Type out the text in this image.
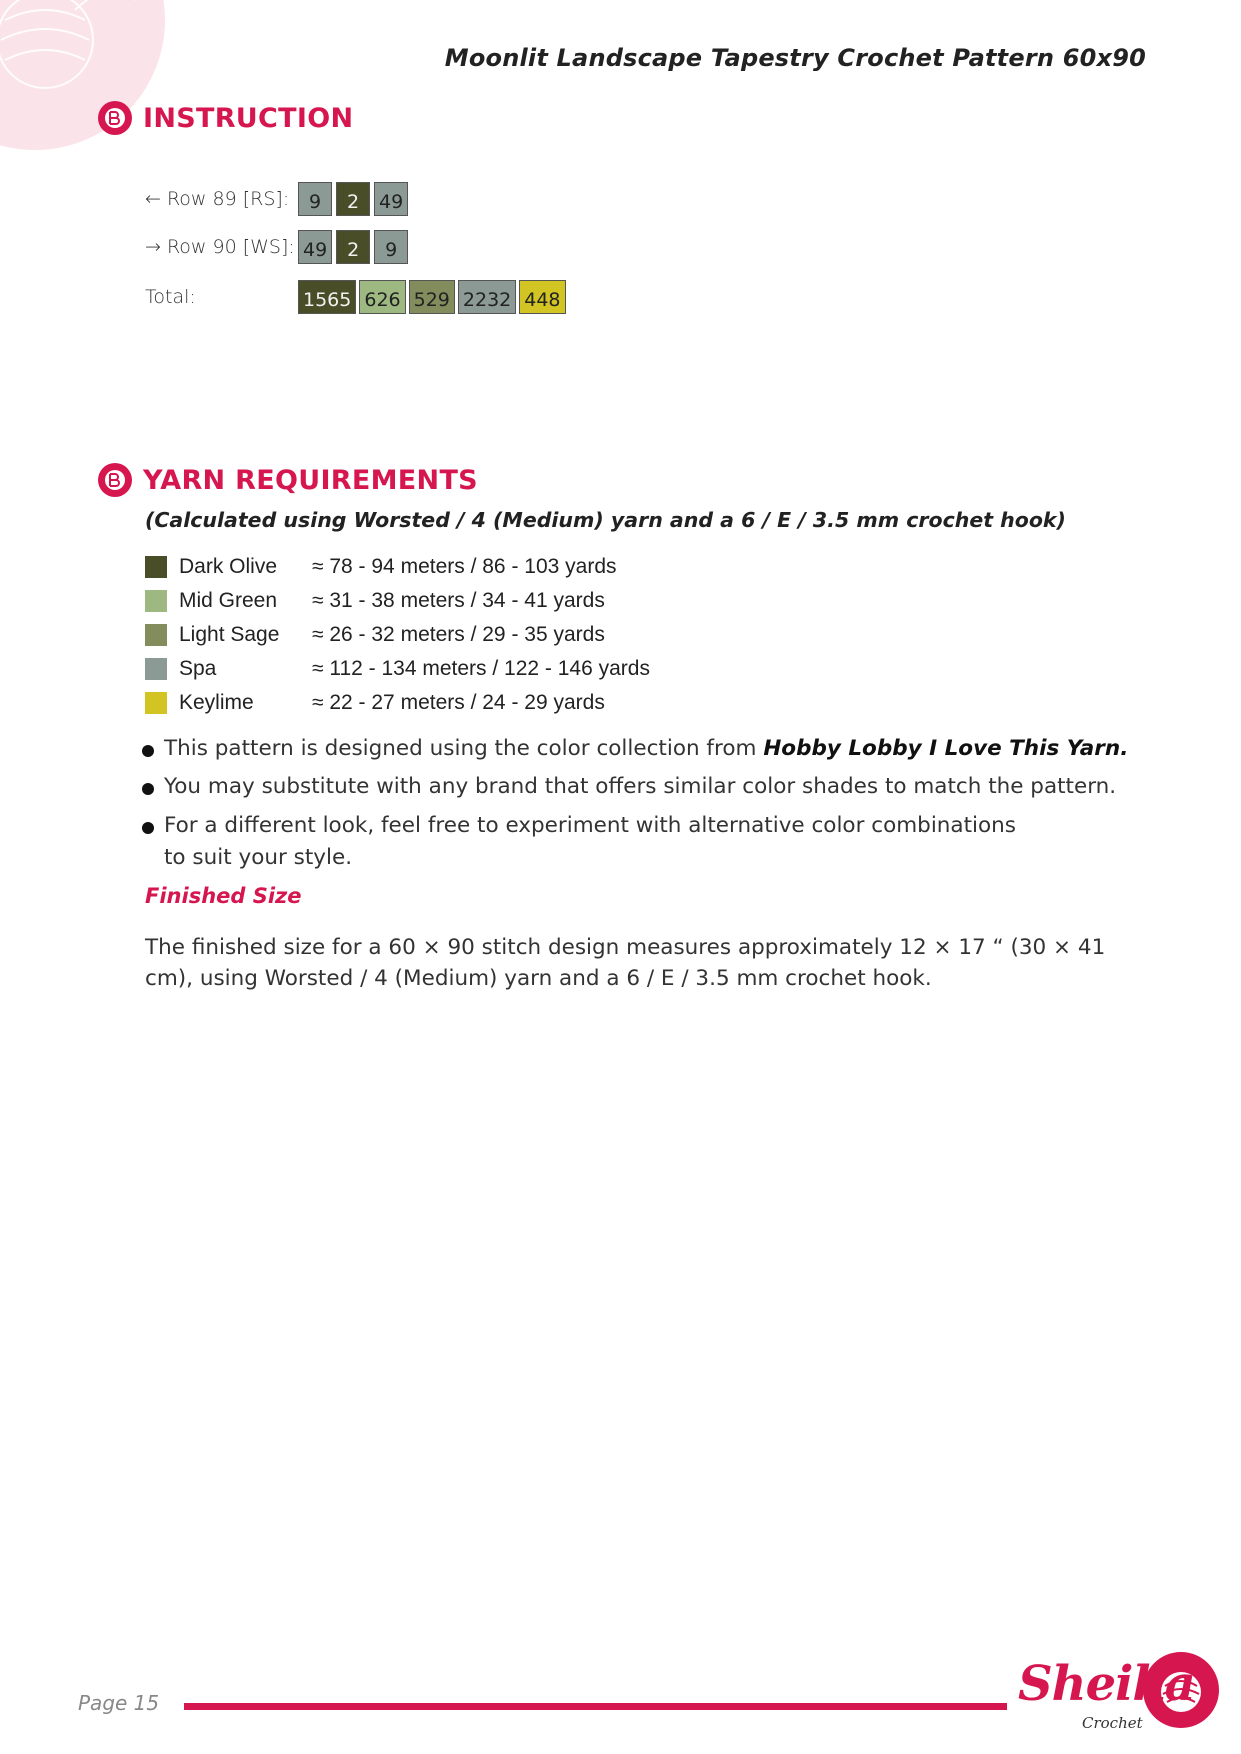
Moonlit Landscape Tapestry Crochet Pattern 60x90
INSTRUCTION
← Row 89 [RS]:	9	2	49
→ Row 90 [WS]: 49	2	9
Total:	1565 626 529 2232 448
YARN REQUIREMENTS
(Calculated using Worsted / 4 (Medium) yarn and a 6 / E / 3.5 mm crochet hook)
Dark Olive	≈ 78 - 94 meters / 86 - 103 yards
Mid Green	≈ 31 - 38 meters / 34 - 41 yards
Light Sage	≈ 26 - 32 meters / 29 - 35 yards
Spa	≈ 112 - 134 meters / 122 - 146 yards
Keylime	≈ 22 - 27 meters / 24 - 29 yards
This pattern is designed using the color collection from Hobby Lobby I Love This Yarn.
You may substitute with any brand that offers similar color shades to match the pattern.
For a different look, feel free to experiment with alternative color combinations to suit your style.
Finished Size
The finished size for a 60 × 90 stitch design measures approximately 12 × 17 “ (30 × 41 cm), using Worsted / 4 (Medium) yarn and a 6 / E / 3.5 mm crochet hook.
Page 15	Sheika
Crochet
